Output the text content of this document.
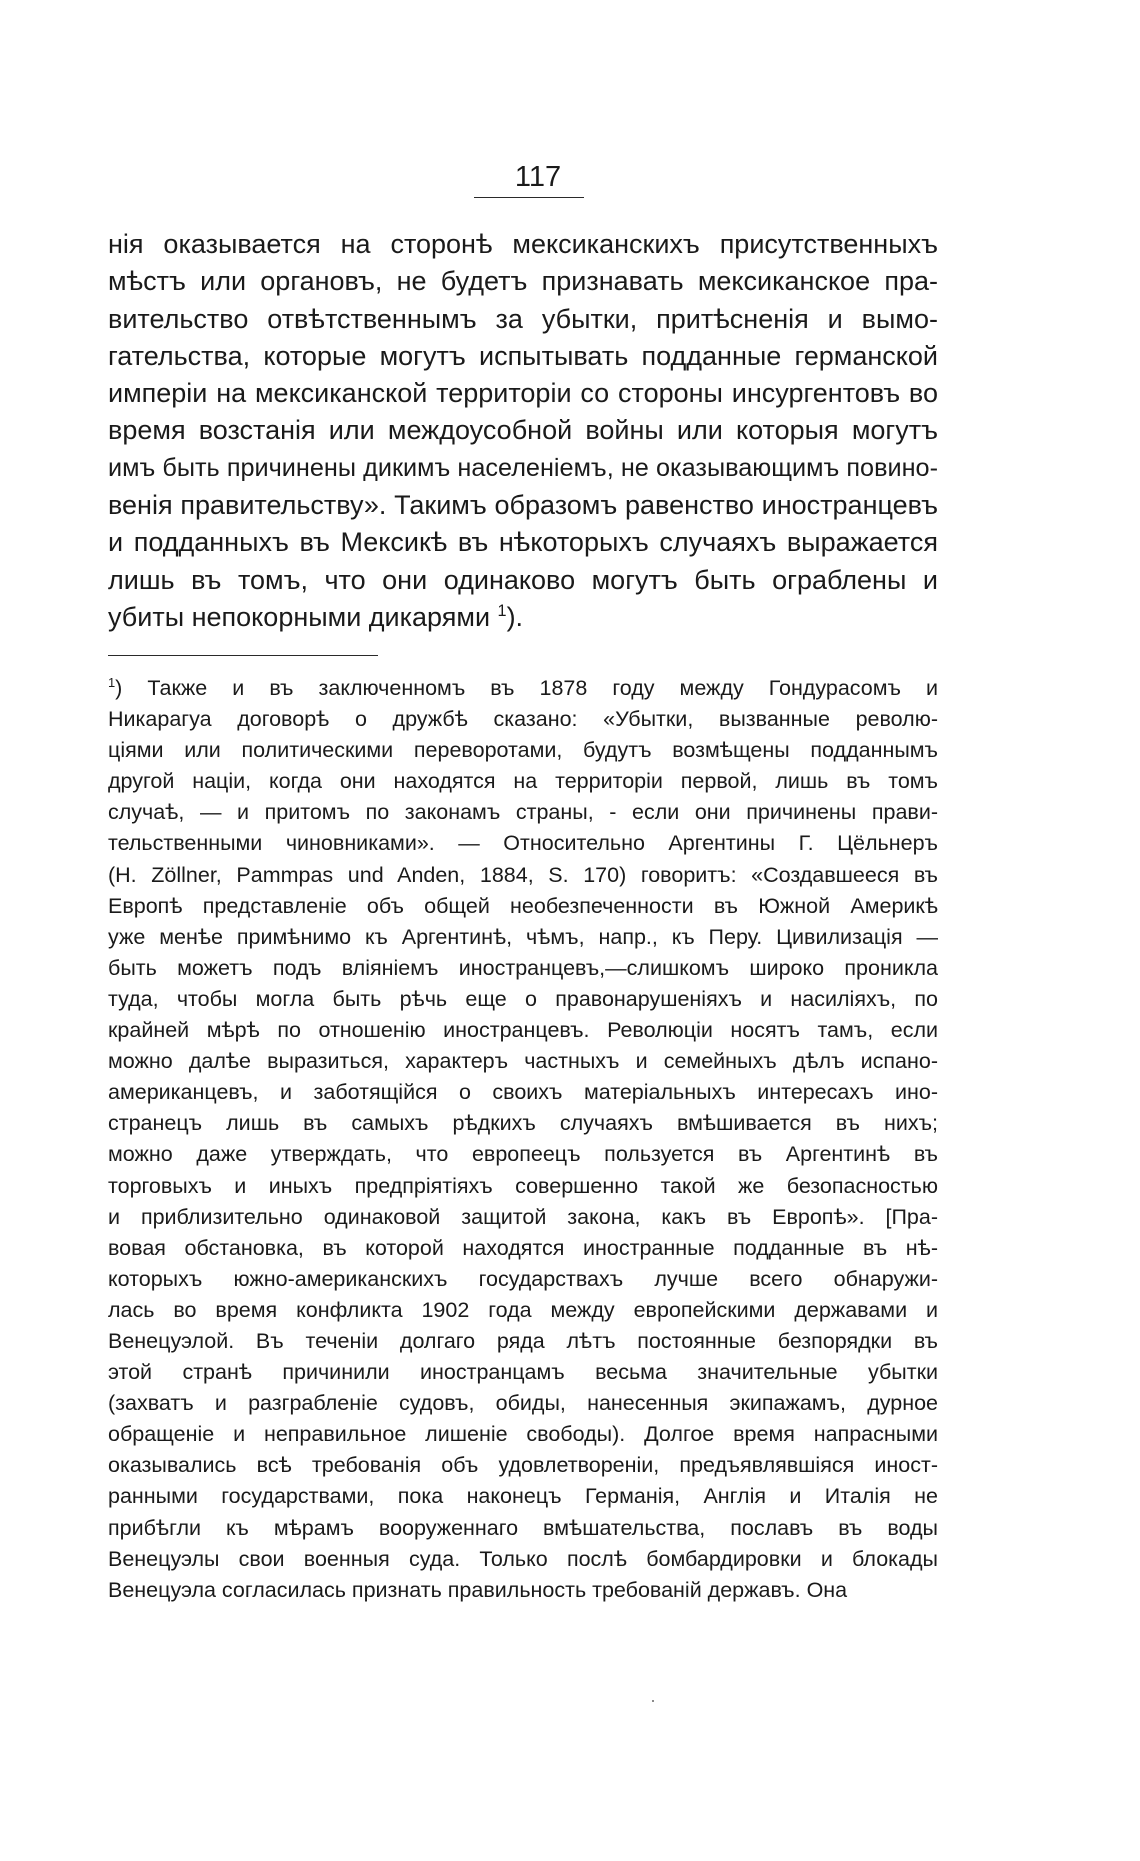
117
нія оказывается на сторонѣ мексиканскихъ присутственныхъ
мѣстъ или органовъ, не будетъ признавать мексиканское пра-
вительство отвѣтственнымъ за убытки, притѣсненія и вымо-
гательства, которые могутъ испытывать подданные германской
имперіи на мексиканской территоріи со стороны инсургентовъ во
время возстанія или междоусобной войны или которыя могутъ
имъ быть причинены дикимъ населеніемъ, не оказывающимъ повино-
венія правительству». Такимъ образомъ равенство иностранцевъ
и подданныхъ въ Мексикѣ въ нѣкоторыхъ случаяхъ выражается
лишь въ томъ, что они одинаково могутъ быть ограблены и
убиты непокорными дикарями $^1$).
$^1$) Также и въ заключенномъ въ 1878 году между Гондурасомъ и
Никарагуа договорѣ о дружбѣ сказано: «Убытки, вызванные револю-
ціями или политическими переворотами, будутъ возмѣщены подданнымъ
другой націи, когда они находятся на территоріи первой, лишь въ томъ
случаѣ, — и притомъ по законамъ страны, - если они причинены прави-
тельственными чиновниками». — Относительно Аргентины Г. Цёльнеръ
(H. Zöllner, Pammpas und Anden, 1884, S. 170) говоритъ: «Создавшееся въ
Европѣ представленіе объ общей необезпеченности въ Южной Америкѣ
уже менѣе примѣнимо къ Аргентинѣ, чѣмъ, напр., къ Перу. Цивилизація —
быть можетъ подъ вліяніемъ иностранцевъ,—слишкомъ широко проникла
туда, чтобы могла быть рѣчь еще о правонарушеніяхъ и насиліяхъ, по
крайней мѣрѣ по отношенію иностранцевъ. Революціи носятъ тамъ, если
можно далѣе выразиться, характеръ частныхъ и семейныхъ дѣлъ испано-
американцевъ, и заботящійся о своихъ матеріальныхъ интересахъ ино-
странецъ лишь въ самыхъ рѣдкихъ случаяхъ вмѣшивается въ нихъ;
можно даже утверждать, что европеецъ пользуется въ Аргентинѣ въ
торговыхъ и иныхъ предпріятіяхъ совершенно такой же безопасностью
и приблизительно одинаковой защитой закона, какъ въ Европѣ». [Пра-
вовая обстановка, въ которой находятся иностранные подданные въ нѣ-
которыхъ южно-американскихъ государствахъ лучше всего обнаружи-
лась во время конфликта 1902 года между европейскими державами и
Венецуэлой. Въ теченіи долгаго ряда лѣтъ постоянные безпорядки въ
этой странѣ причинили иностранцамъ весьма значительные убытки
(захватъ и разграбленіе судовъ, обиды, нанесенныя экипажамъ, дурное
обращеніе и неправильное лишеніе свободы). Долгое время напрасными
оказывались всѣ требованія объ удовлетвореніи, предъявлявшіяся иност-
ранными государствами, пока наконецъ Германія, Англія и Италія не
прибѣгли къ мѣрамъ вооруженнаго вмѣшательства, пославъ въ воды
Венецуэлы свои военныя суда. Только послѣ бомбардировки и блокады
Венецуэла согласилась признать правильность требованій державъ. Она
